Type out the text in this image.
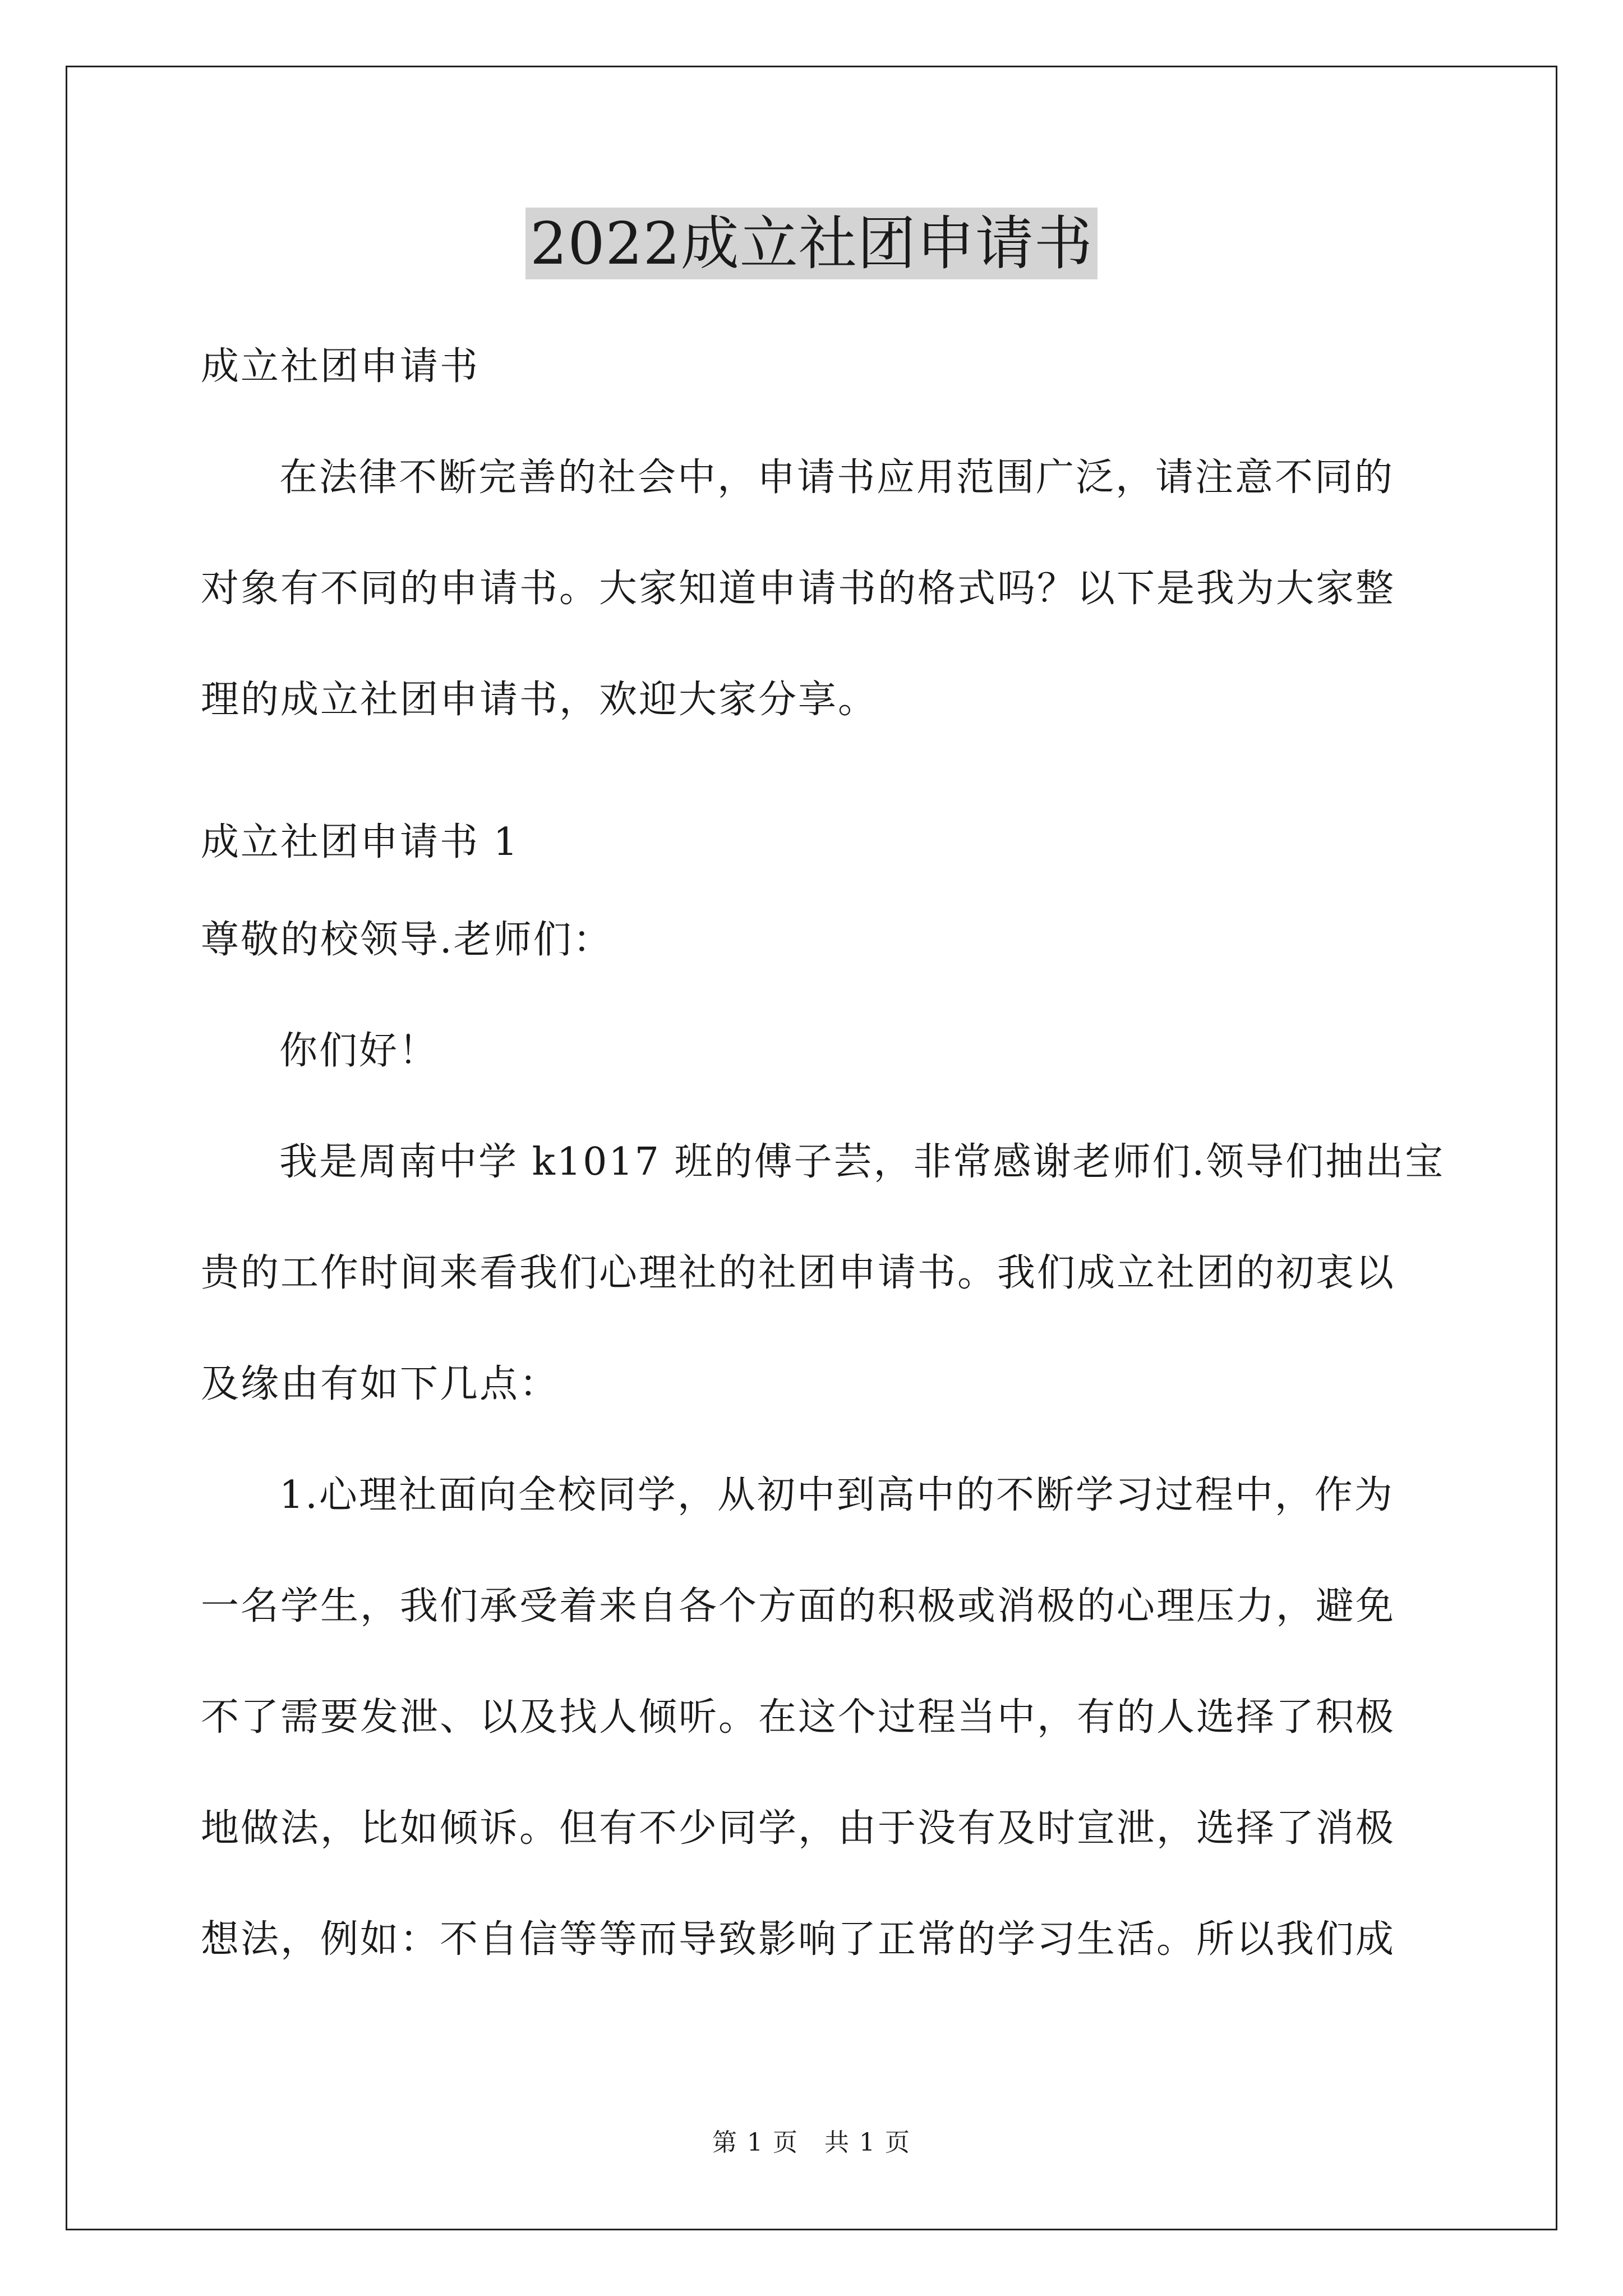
2022成立社团申请书
成立社团申请书
在法律不断完善的社会中，申请书应用范围广泛，请注意不同的
对象有不同的申请书。大家知道申请书的格式吗？以下是我为大家整
理的成立社团申请书，欢迎大家分享。
成立社团申请书 1
尊敬的校领导.老师们：
你们好！
我是周南中学 k1017 班的傅子芸，非常感谢老师们.领导们抽出宝
贵的工作时间来看我们心理社的社团申请书。我们成立社团的初衷以
及缘由有如下几点：
1.心理社面向全校同学，从初中到高中的不断学习过程中，作为
一名学生，我们承受着来自各个方面的积极或消极的心理压力，避免
不了需要发泄、以及找人倾听。在这个过程当中，有的人选择了积极
地做法，比如倾诉。但有不少同学，由于没有及时宣泄，选择了消极
想法，例如：不自信等等而导致影响了正常的学习生活。所以我们成
第 1 页　共 1 页
